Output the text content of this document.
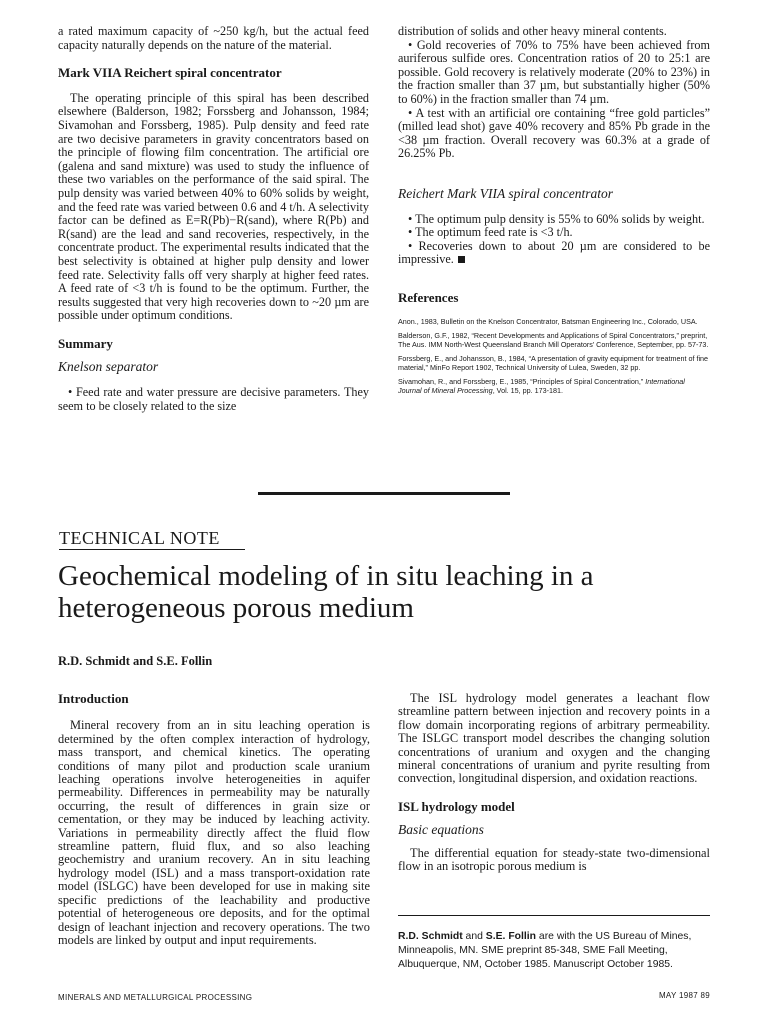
a rated maximum capacity of ~250 kg/h, but the actual feed capacity naturally depends on the nature of the material.

Mark VIIA Reichert spiral concentrator

The operating principle of this spiral has been described elsewhere (Balderson, 1982; Forssberg and Johansson, 1984; Sivamohan and Forssberg, 1985). Pulp density and feed rate are two decisive parameters in gravity concentrators based on the principle of flowing film concentration. The artificial ore (galena and sand mixture) was used to study the influence of these two variables on the performance of the said spiral. The pulp density was varied between 40% to 60% solids by weight, and the feed rate was varied between 0.6 and 4 t/h. A selectivity factor can be defined as E=R(Pb)−R(sand), where R(Pb) and R(sand) are the lead and sand recoveries, respectively, in the concentrate product. The experimental results indicated that the best selectivity is obtained at higher pulp density and lower feed rate. Selectivity falls off very sharply at higher feed rates. A feed rate of <3 t/h is found to be the optimum. Further, the results suggested that very high recoveries down to ~20 µm are possible under optimum conditions.

Summary
Knelson separator

• Feed rate and water pressure are decisive parameters. They seem to be closely related to the size

distribution of solids and other heavy mineral contents.

• Gold recoveries of 70% to 75% have been achieved from auriferous sulfide ores. Concentration ratios of 20 to 25:1 are possible. Gold recovery is relatively moderate (20% to 23%) in the fraction smaller than 37 µm, but substantially higher (50% to 60%) in the fraction smaller than 74 µm.

• A test with an artificial ore containing “free gold particles” (milled lead shot) gave 40% recovery and 85% Pb grade in the <38 µm fraction. Overall recovery was 60.3% at a grade of 26.25% Pb.

Reichert Mark VIIA spiral concentrator

• The optimum pulp density is 55% to 60% solids by weight.

• The optimum feed rate is <3 t/h.

• Recoveries down to about 20 µm are considered to be impressive.

References

Anon., 1983, Bulletin on the Knelson Concentrator, Batsman Engineering Inc., Colorado, USA.

Balderson, G.F., 1982, “Recent Developments and Applications of Spiral Concentrators,” preprint, The Aus. IMM North-West Queensland Branch Mill Operators’ Conference, September, pp. 57-73.

Forssberg, E., and Johansson, B., 1984, “A presentation of gravity equipment for treatment of fine material,” MinFo Report 1902, Technical University of Lulea, Sweden, 32 pp.

Sivamohan, R., and Forssberg, E., 1985, “Principles of Spiral Concentration,” International Journal of Mineral Processing, Vol. 15, pp. 173-181.

TECHNICAL NOTE
Geochemical modeling of in situ leaching in a heterogeneous porous medium
R.D. Schmidt and S.E. Follin
Introduction

Mineral recovery from an in situ leaching operation is determined by the often complex interaction of hydrology, mass transport, and chemical kinetics. The operating conditions of many pilot and production scale uranium leaching operations involve heterogeneities in aquifer permeability. Differences in permeability may be naturally occurring, the result of differences in grain size or cementation, or they may be induced by leaching activity. Variations in permeability directly affect the fluid flow streamline pattern, fluid flux, and so also leaching geochemistry and uranium recovery. An in situ leaching hydrology model (ISL) and a mass transport-oxidation rate model (ISLGC) have been developed for use in making site specific predictions of the leachability and productive potential of heterogeneous ore deposits, and for the optimal design of leachant injection and recovery operations. The two models are linked by output and input requirements.

The ISL hydrology model generates a leachant flow streamline pattern between injection and recovery points in a flow domain incorporating regions of arbitrary permeability. The ISLGC transport model describes the changing solution concentrations of uranium and oxygen and the changing mineral concentrations of uranium and pyrite resulting from convection, longitudinal dispersion, and oxidation reactions.

ISL hydrology model
Basic equations

The differential equation for steady-state two-dimensional flow in an isotropic porous medium is

R.D. Schmidt and S.E. Follin are with the US Bureau of Mines, Minneapolis, MN. SME preprint 85-348, SME Fall Meeting, Albuquerque, NM, October 1985. Manuscript October 1985.
MINERALS AND METALLURGICAL PROCESSING	MAY 1987 89
